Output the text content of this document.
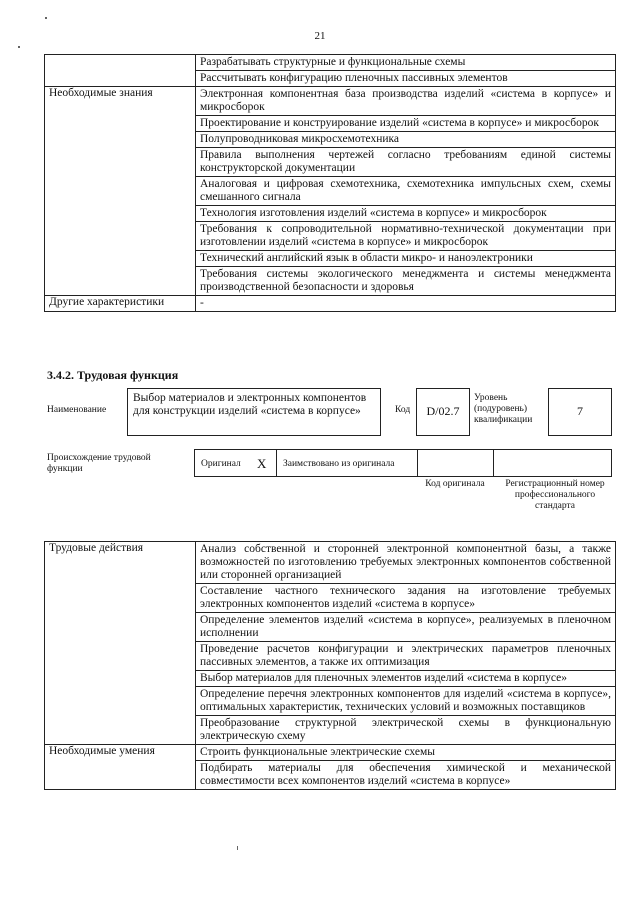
21
	Разрабатывать структурные и функциональные схемы
	Рассчитывать конфигурацию пленочных пассивных элементов
Необходимые знания	Электронная компонентная база производства изделий «система в корпусе» и микросборок
	Проектирование и конструирование изделий «система в корпусе» и микросборок
	Полупроводниковая микросхемотехника
	Правила выполнения чертежей согласно требованиям единой системы конструкторской документации
	Аналоговая и цифровая схемотехника, схемотехника импульсных схем, схемы смешанного сигнала
	Технология изготовления изделий «система в корпусе» и микросборок
	Требования к сопроводительной нормативно-технической документации при изготовлении изделий «система в корпусе» и микросборок
	Технический английский язык в области микро- и наноэлектроники
	Требования системы экологического менеджмента и системы менеджмента производственной безопасности и здоровья
Другие характеристики	-
3.4.2. Трудовая функция
Наименование
Выбор материалов и электронных компонентов для конструкции изделий «система в корпусе»	Код	D/02.7
Уровень (подуровень) квалификации
7
Происхождение трудовой функции	Оригинал X Заимствовано из оригинала
Код оригинала	Регистрационный номер профессионального стандарта
Трудовые действия	Анализ собственной и сторонней электронной компонентной базы, а также возможностей по изготовлению требуемых электронных компонентов собственной или сторонней организацией
	Составление частного технического задания на изготовление требуемых электронных компонентов изделий «система в корпусе»
	Определение элементов изделий «система в корпусе», реализуемых в пленочном исполнении
	Проведение расчетов конфигурации и электрических параметров пленочных пассивных элементов, а также их оптимизация
	Выбор материалов для пленочных элементов изделий «система в корпусе»
	Определение перечня электронных компонентов для изделий «система в корпусе», оптимальных характеристик, технических условий и возможных поставщиков
	Преобразование структурной электрической схемы в функциональную электрическую схему
Необходимые умения	Строить функциональные электрические схемы
	Подбирать материалы для обеспечения химической и механической совместимости всех компонентов изделий «система в корпусе»
